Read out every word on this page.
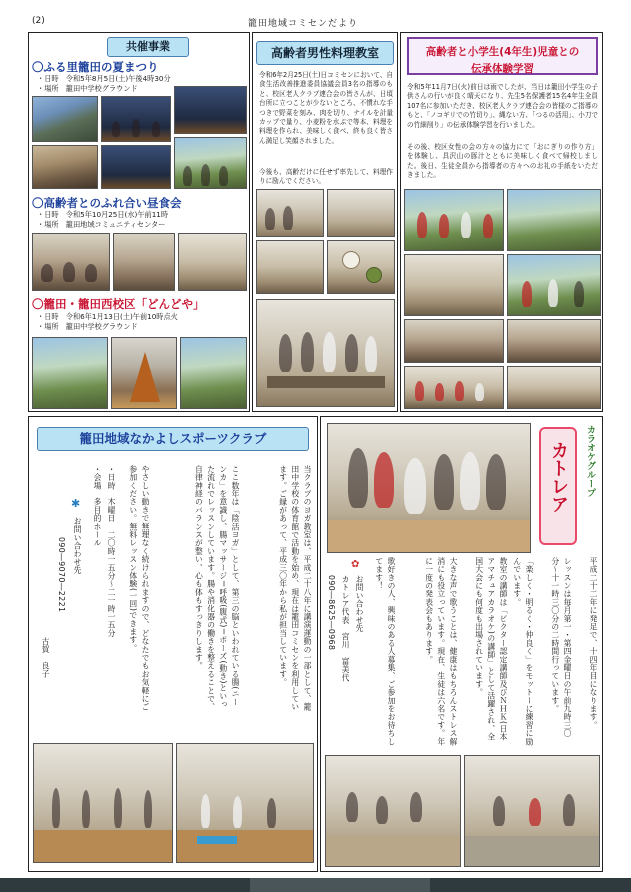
(2)	籠田地域コミセンだより
共催事業
〇ふる里籠田の夏まつり
・日時　令和5年8月5日(土)午後4時30分
・場所　籠田中学校グラウンド
〇高齢者とのふれ合い昼食会
・日時　令和5年10月25日(水)午前11時
・場所　籠田地域コミュニティセンター
〇籠田・籠田西校区「どんどや」
・日時　令和6年1月13日(土)午前10時点火
・場所　籠田中学校グラウンド
高齢者男性料理教室
令和6年2月25日(土)日コミセンにおいて、自食生活改善推進委員協議会員3名の指導のもと、校区老人クラブ連合会の皆さんが、日頃台所に立つことが少ないところ、不慣れな手つきで野菜を刻み、肉を切り、ナイルを計量カップで量り、小麦粉を水ぷで等本、料理を料理を作られ、美味しく食べ、終も良く皆さん満足し笑顔されました。
今後も、高齢だけに任せず率先して、料理作りに励んでください。
高齢者と小学生(4年生)児童との
伝承体験学習
令和5年11月7日(火)前日は雨でしたが、当日は籠田小学生の子供さんの行いが良く晴天になり、先生5名保護者15名4年生全員107名に参加いただき、校区老人クラブ連合会の皆様のご指導のもと、「ノコギリでの竹切り」、縄ない方、「つるの活用」、小刀での竹細削り」の伝承体験学習を行いました。
その後、校区女性の会の方々の協力にて「おにぎりの作り方」を体験し、具沢山の豚汁とともに美味しく食べて帰校しました。後日、生徒全員から指導者の方々へのお礼の手紙をいただきました。
籠田地域なかよしスポーツクラブ
当クラブのヨガ教室は、平成二十八年に講演運動の一部として、籠田中学校の体育館で活動を始め、現在は籠田コミセンを利用しています。ご縁があって、平成三〇年から私が担当しています。
ここ数年は「陰活ヨガ」として、第三の脳といわれている腸(ニーンカ」を意識し、腸マッサージ＝呼吸(腹式)＝ポーズ(動き)といった流れでレッスンしています。腸や消化器の働きを整えることで、自律神経のバランスが整い、心も体もすっきりします。
やさしい動きで無理なく続けられますので、どなたでもお気軽にご参加ください。無料レッスン体験(一回)できます。
・日時　木曜日　二〇時一五分〜二一時一五分
・会場　多目的ホール
✱
お問い合わせ先
090―9070―2221
古賀　良子
カラオケグループ
カトレア
平成二十二年に発足で、十四年目になります。
レッスンは毎月第一・第四金曜日の午前九時三〇分〜十一時三〇分の二時間行っています。
「楽しく・明るく・仲良く」をモットーに練習に励んでいます。
教室の講師は「ビクター認定講師及びＮＨＫ(日本アマチュアカラオケ)の講師」として活躍され、全国大会にも何度も出場されています。
大きな声で歌うことは、健康はもちろんストレス解消にも役立っています。現在、生徒は六名です。年に一度の発表会もあります。
歌好きの人、興味のある人募集、ご参加をお待ちしてます！
✿
お問い合わせ先
カトレア代表　宮川　富美代
090―8625―0968
